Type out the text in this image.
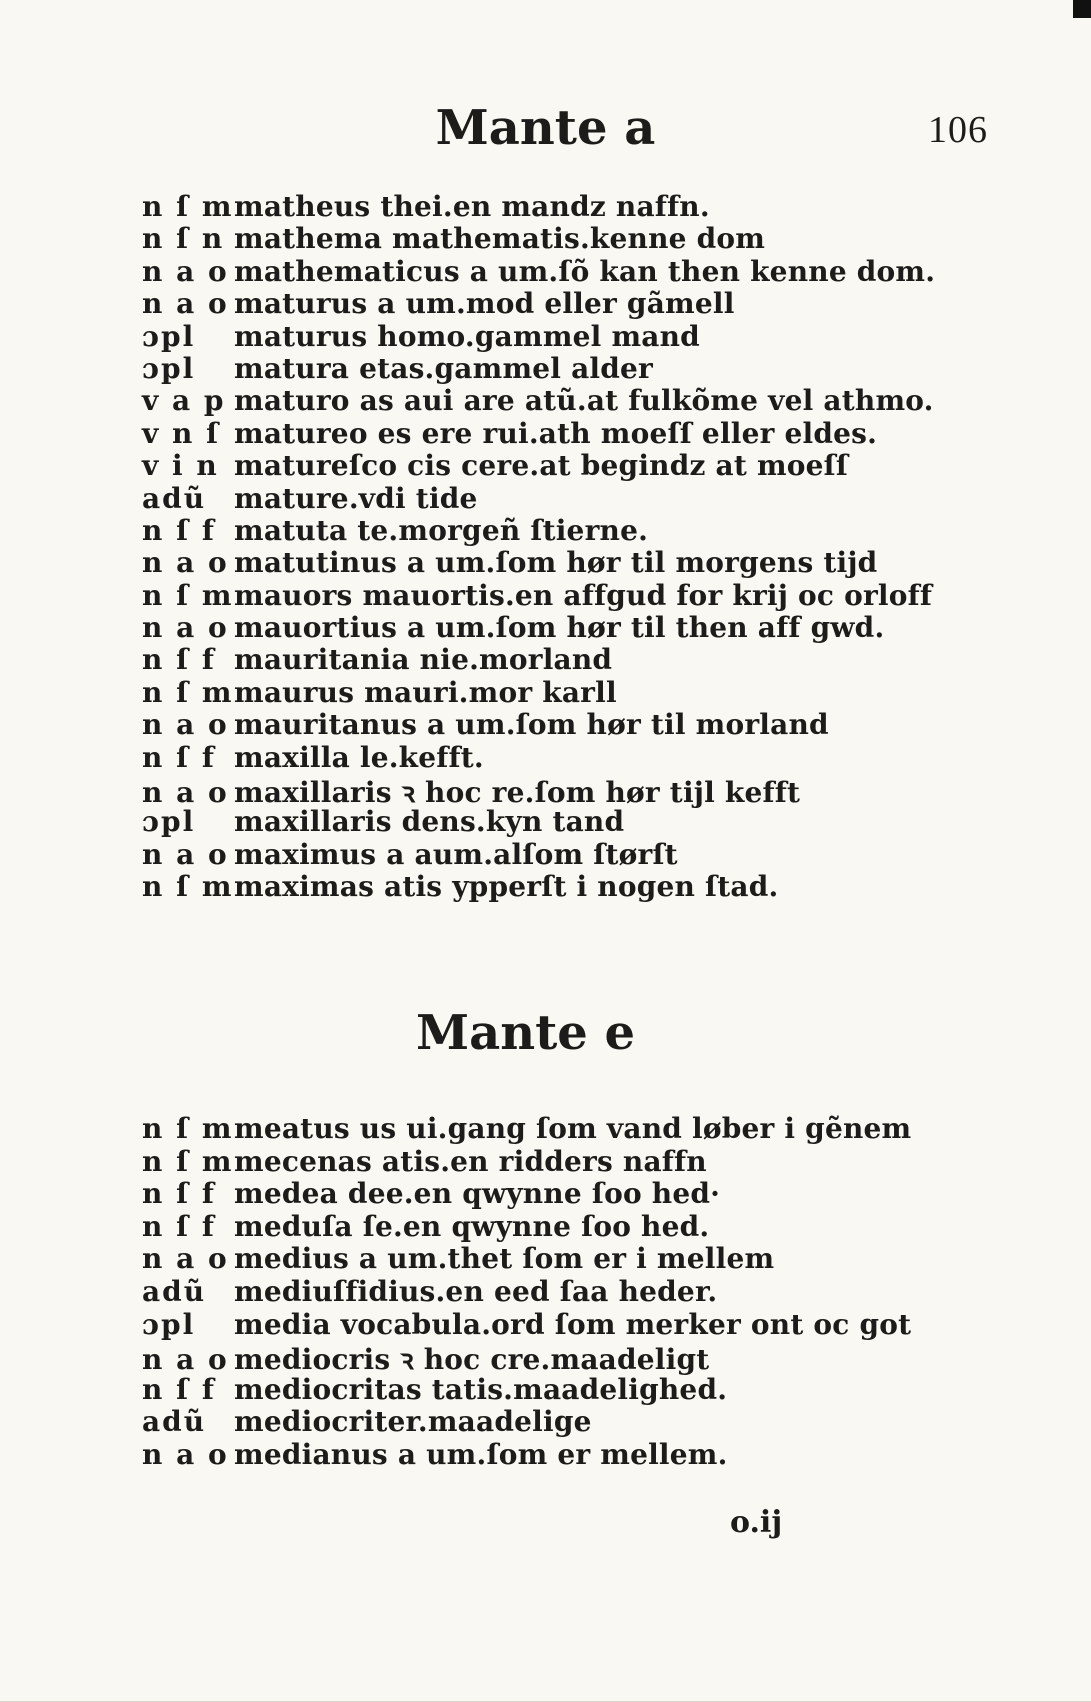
Mante a	106
n ſ m matheus thei.en mandz naffn.
n ſ n mathema mathematis.kenne dom
n a o mathematicus a um.ſõ kan then kenne dom.
n a o maturus a um.mod eller gãmell
ɔpl	maturus homo.gammel mand
ɔpl	matura etas.gammel alder
v a p maturo as aui are atũ.at fulkõme vel athmo.
v n ſ matureo es ere rui.ath moeſſ eller eldes.
v i n matureſco cis cere.at begindz at moeſſ
adũ mature.vdi tide
n ſ f matuta te.morgeñ ſtierne.
n a o matutinus a um.ſom hør til morgens tijd
n ſ m mauors mauortis.en affgud for krij oc orloff
n a o mauortius a um.ſom hør til then aff gwd.
n ſ f mauritania nie.morland
n ſ m maurus mauri.mor karll
n a o mauritanus a um.ſom hør til morland
n ſ f maxilla le.kefft.
n a o maxillaris ꝛ hoc re.ſom hør tijl kefft
ɔpl	maxillaris dens.kyn tand
n a o maximus a aum.alſom ſtørſt
n ſ m maximas atis ypperſt i nogen ſtad.
Mante e
n ſ m meatus us ui.gang ſom vand løber i gẽnem
n ſ m mecenas atis.en ridders naffn
n ſ f medea dee.en qwynne ſoo hed·
n ſ f meduſa ſe.en qwynne ſoo hed.
n a o medius a um.thet ſom er i mellem
adũ mediuſfidius.en eed ſaa heder.
ɔpl	media vocabula.ord ſom merker ont oc got
n a o mediocris ꝛ hoc cre.maadeligt
n ſ f mediocritas tatis.maadelighed.
adũ mediocriter.maadelige
n a o medianus a um.ſom er mellem.
o.ij
